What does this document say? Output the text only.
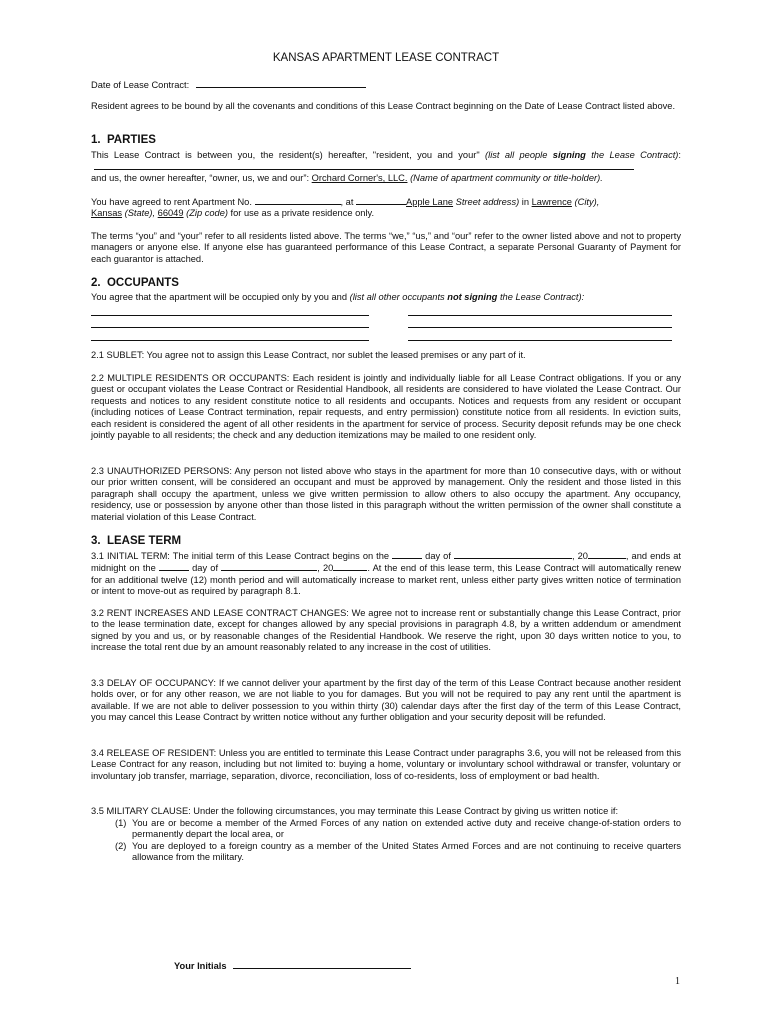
KANSAS APARTMENT LEASE CONTRACT
Date of Lease Contract:
Resident agrees to be bound by all the covenants and conditions of this Lease Contract beginning on the Date of Lease Contract listed above.
1.  PARTIES
This Lease Contract is between you, the resident(s) hereafter, "resident, you and your" (list all people signing the Lease Contract):
and us, the owner hereafter, “owner, us, we and our”: Orchard Corner's, LLC. (Name of apartment community or title-holder).
You have agreed to rent Apartment No.	, at	Apple Lane Street address) in Lawrence (City),
Kansas (State), 66049 (Zip code) for use as a private residence only.
The terms “you” and “your” refer to all residents listed above. The terms “we,” “us,” and “our” refer to the owner listed above and not to property managers or anyone else. If anyone else has guaranteed performance of this Lease Contract, a separate Personal Guaranty of Payment for each guarantor is attached.
2.  OCCUPANTS
You agree that the apartment will be occupied only by you and (list all other occupants not signing the Lease Contract):
2.1 SUBLET: You agree not to assign this Lease Contract, nor sublet the leased premises or any part of it.
2.2 MULTIPLE RESIDENTS OR OCCUPANTS: Each resident is jointly and individually liable for all Lease Contract obligations. If you or any guest or occupant violates the Lease Contract or Residential Handbook, all residents are considered to have violated the Lease Contract. Our requests and notices to any resident constitute notice to all residents and occupants. Notices and requests from any resident or occupant (including notices of Lease Contract termination, repair requests, and entry permission) constitute notice from all residents. In eviction suits, each resident is considered the agent of all other residents in the apartment for service of process. Security deposit refunds may be one check jointly payable to all residents; the check and any deduction itemizations may be mailed to one resident only.
2.3 UNAUTHORIZED PERSONS: Any person not listed above who stays in the apartment for more than 10 consecutive days, with or without our prior written consent, will be considered an occupant and must be approved by management. Only the resident and those listed in this paragraph shall occupy the apartment, unless we give written permission to allow others to also occupy the apartment. Any occupancy, residency, use or possession by anyone other than those listed in this paragraph without the written permission of the owner shall constitute a material violation of this Lease Contract.
3.  LEASE TERM
3.1 INITIAL TERM: The initial term of this Lease Contract begins on the	day of	, 20	, and ends at midnight on the	day of	, 20	. At the end of this lease term, this Lease Contract will automatically renew for an additional twelve (12) month period and will automatically increase to market rent, unless either party gives written notice of termination or intent to move-out as required by paragraph 8.1.
3.2 RENT INCREASES AND LEASE CONTRACT CHANGES: We agree not to increase rent or substantially change this Lease Contract, prior to the lease termination date, except for changes allowed by any special provisions in paragraph 4.8, by a written addendum or amendment signed by you and us, or by reasonable changes of the Residential Handbook. We reserve the right, upon 30 days written notice to you, to increase the total rent due by an amount reasonably related to any increase in the cost of utilities.
3.3 DELAY OF OCCUPANCY: If we cannot deliver your apartment by the first day of the term of this Lease Contract because another resident holds over, or for any other reason, we are not liable to you for damages. But you will not be required to pay any rent until the apartment is available. If we are not able to deliver possession to you within thirty (30) calendar days after the first day of the term of this Lease Contract, you may cancel this Lease Contract by written notice without any further obligation and your security deposit will be refunded.
3.4 RELEASE OF RESIDENT: Unless you are entitled to terminate this Lease Contract under paragraphs 3.6, you will not be released from this Lease Contract for any reason, including but not limited to: buying a home, voluntary or involuntary school withdrawal or transfer, voluntary or involuntary job transfer, marriage, separation, divorce, reconciliation, loss of co-residents, loss of employment or bad health.
3.5 MILITARY CLAUSE: Under the following circumstances, you may terminate this Lease Contract by giving us written notice if:
(1) You are or become a member of the Armed Forces of any nation on extended active duty and receive change-of-station orders to permanently depart the local area, or
(2) You are deployed to a foreign country as a member of the United States Armed Forces and are not continuing to receive quarters allowance from the military.
Your Initials
1
